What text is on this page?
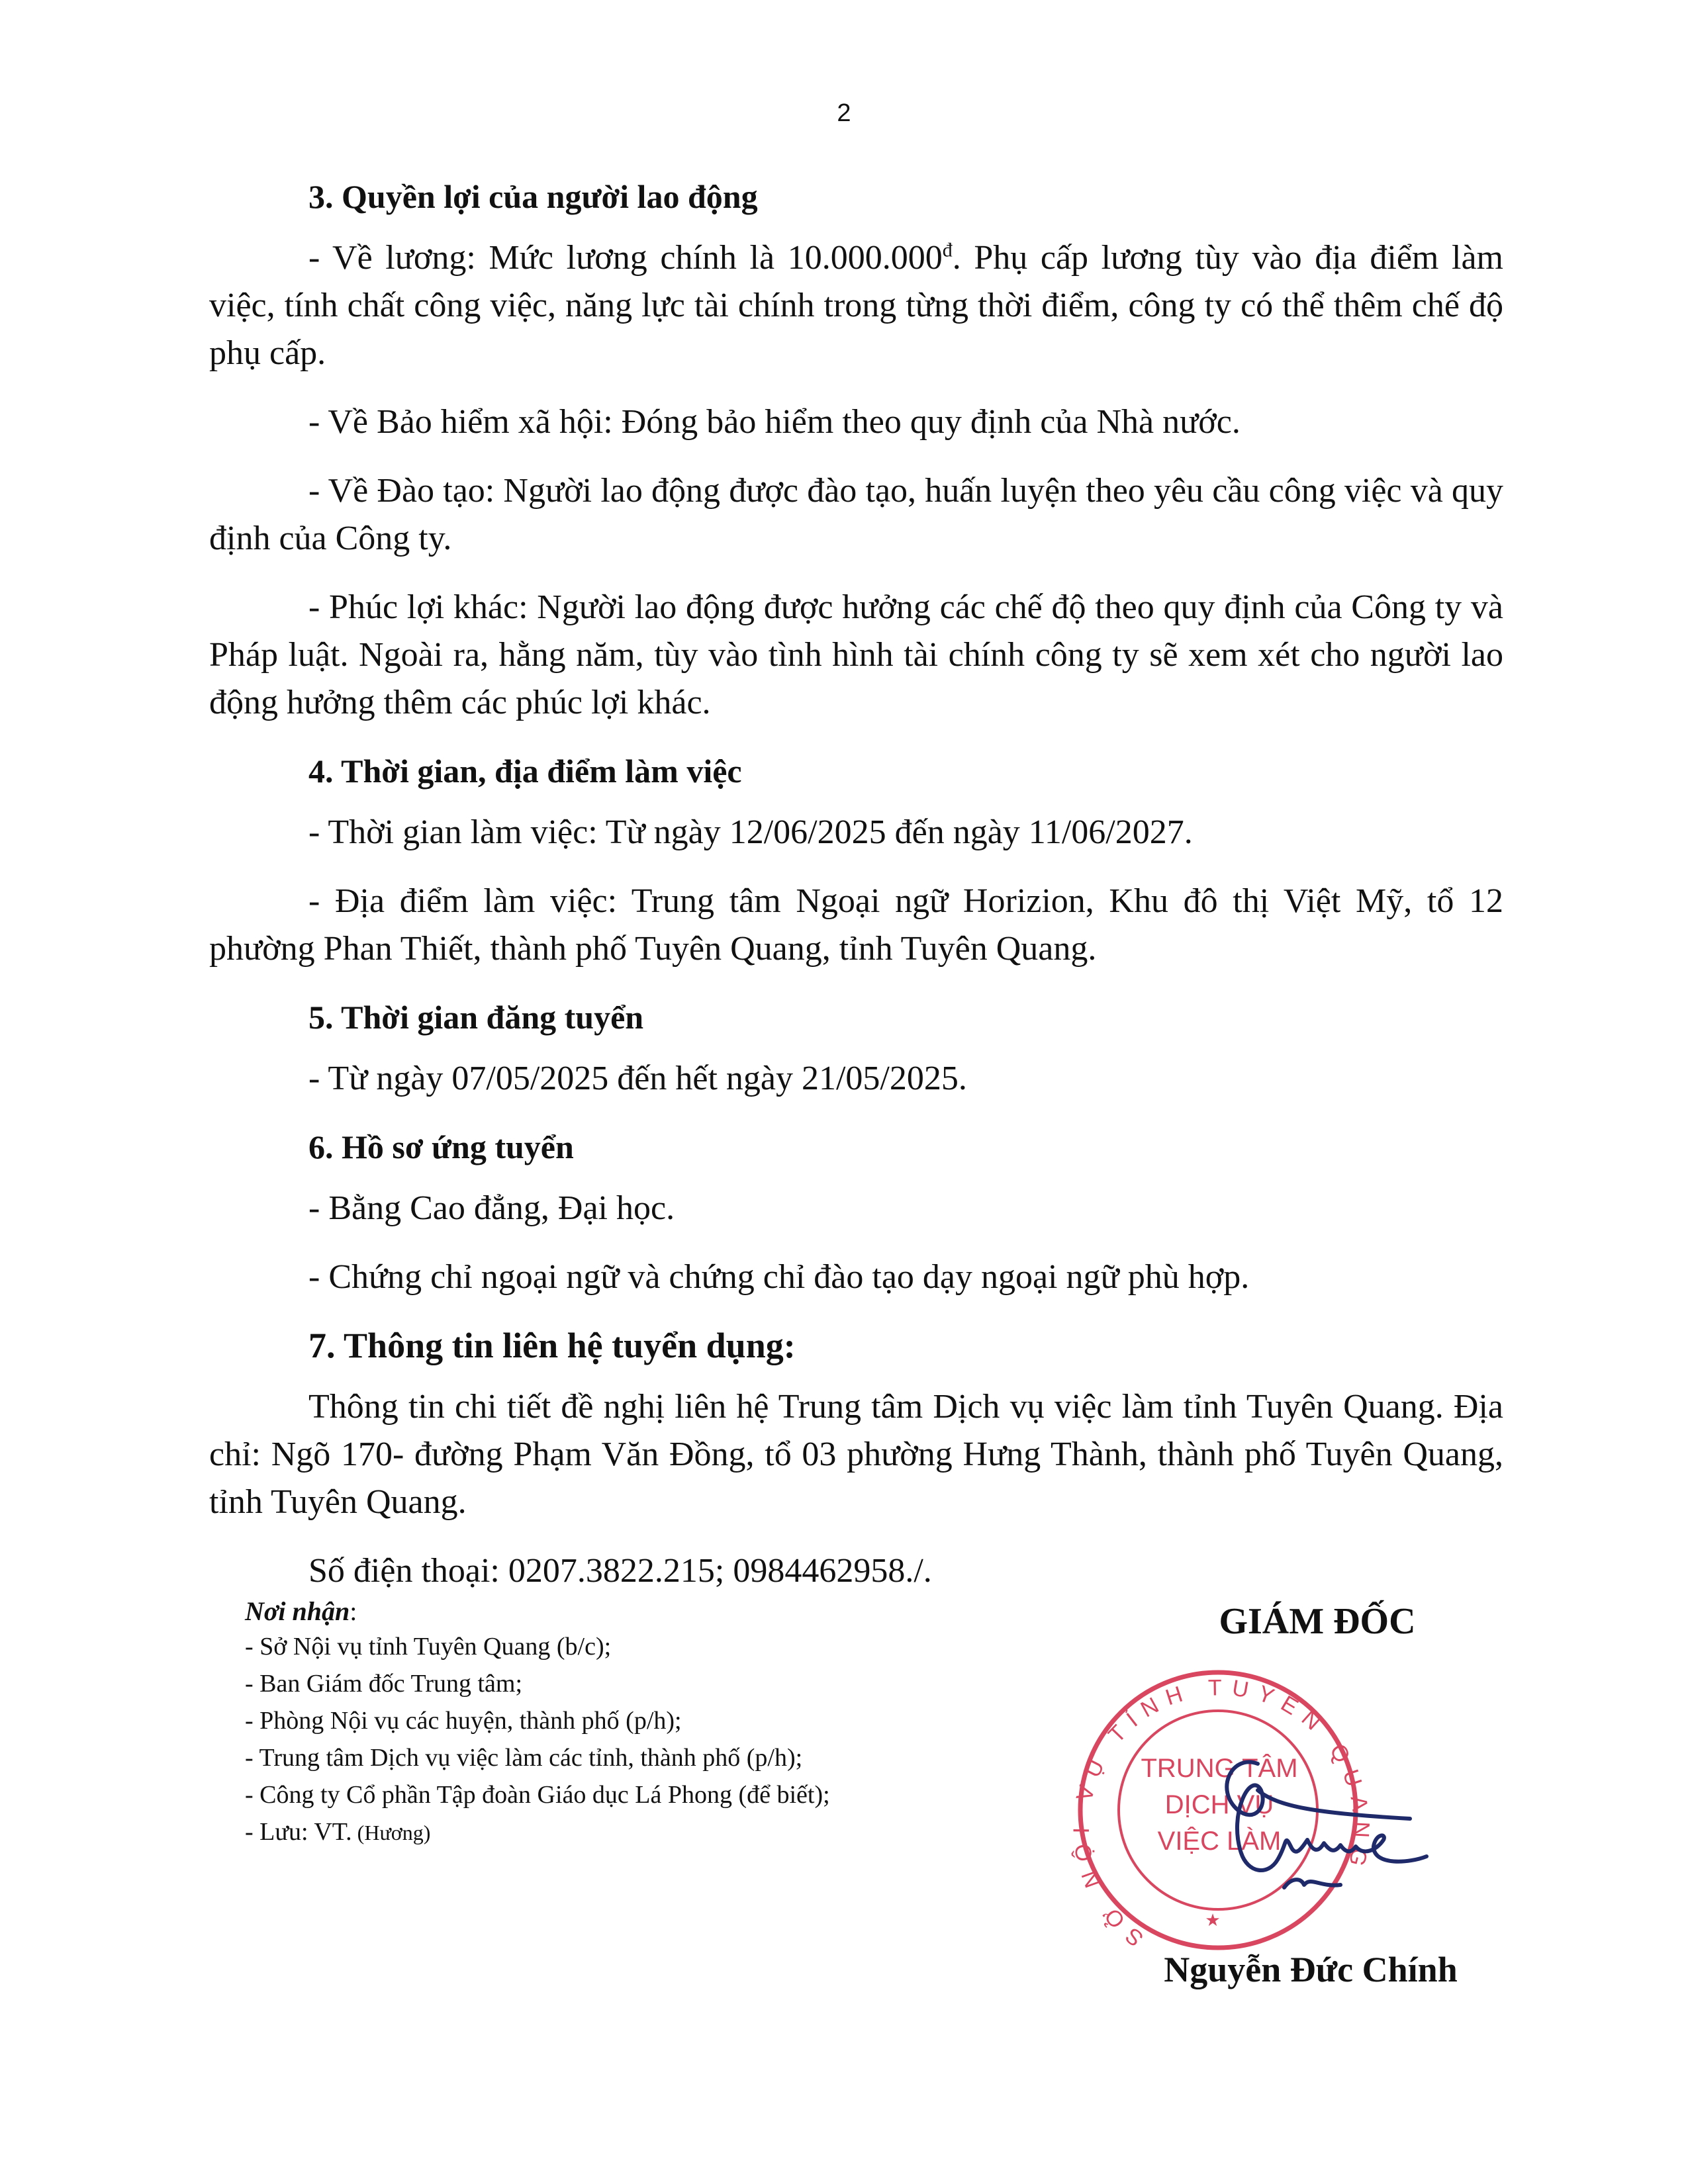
2
3. Quyền lợi của người lao động

- Về lương: Mức lương chính là $10.000.000^đ$. Phụ cấp lương tùy vào địa điểm làm việc, tính chất công việc, năng lực tài chính trong từng thời điểm, công ty có thể thêm chế độ phụ cấp.

- Về Bảo hiểm xã hội: Đóng bảo hiểm theo quy định của Nhà nước.

- Về Đào tạo: Người lao động được đào tạo, huấn luyện theo yêu cầu công việc và quy định của Công ty.

- Phúc lợi khác: Người lao động được hưởng các chế độ theo quy định của Công ty và Pháp luật. Ngoài ra, hằng năm, tùy vào tình hình tài chính công ty sẽ xem xét cho người lao động hưởng thêm các phúc lợi khác.

4. Thời gian, địa điểm làm việc

- Thời gian làm việc: Từ ngày 12/06/2025 đến ngày 11/06/2027.

- Địa điểm làm việc: Trung tâm Ngoại ngữ Horizion, Khu đô thị Việt Mỹ, tổ 12 phường Phan Thiết, thành phố Tuyên Quang, tỉnh Tuyên Quang.

5. Thời gian đăng tuyển

- Từ ngày 07/05/2025 đến hết ngày 21/05/2025.

6. Hồ sơ ứng tuyển

- Bằng Cao đẳng, Đại học.

- Chứng chỉ ngoại ngữ và chứng chỉ đào tạo dạy ngoại ngữ phù hợp.

7. Thông tin liên hệ tuyển dụng:

Thông tin chi tiết đề nghị liên hệ Trung tâm Dịch vụ việc làm tỉnh Tuyên Quang. Địa chỉ: Ngõ 170- đường Phạm Văn Đồng, tổ 03 phường Hưng Thành, thành phố Tuyên Quang, tỉnh Tuyên Quang.

Số điện thoại: 0207.3822.215; 0984462958./.

Nơi nhận:
- Sở Nội vụ tỉnh Tuyên Quang (b/c);
- Ban Giám đốc Trung tâm;
- Phòng Nội vụ các huyện, thành phố (p/h);
- Trung tâm Dịch vụ việc làm các tỉnh, thành phố (p/h);
- Công ty Cổ phần Tập đoàn Giáo dục Lá Phong (để biết);
- Lưu: VT. (Hương)
GIÁM ĐỐC
SỞ NỘI VỤ TỈNH TUYÊN QUANG
TRUNG TÂM
DỊCH VỤ
VIỆC LÀM
★
Nguyễn Đức Chính
